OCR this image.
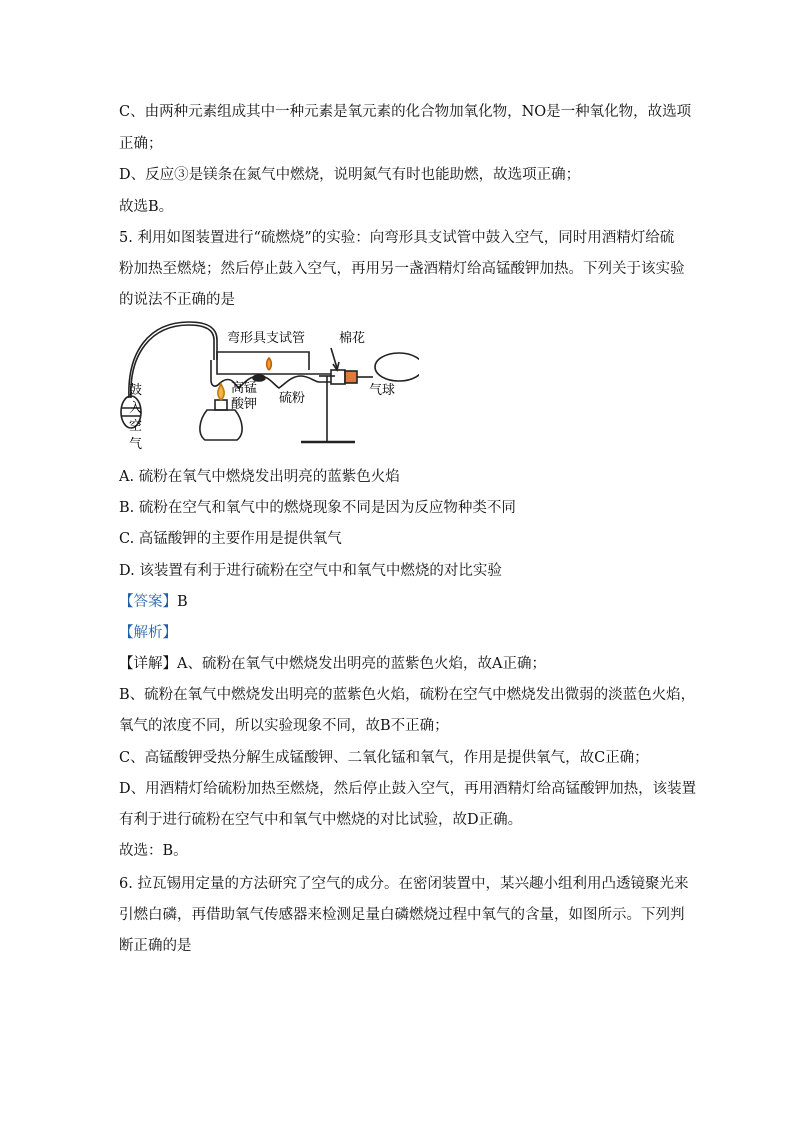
C、由两种元素组成其中一种元素是氧元素的化合物加氧化物，NO是一种氧化物，故选项
正确；
D、反应③是镁条在氮气中燃烧，说明氮气有时也能助燃，故选项正确；
故选B。
5. 利用如图装置进行“硫燃烧”的实验：向弯形具支试管中鼓入空气，同时用酒精灯给硫
粉加热至燃烧；然后停止鼓入空气，再用另一盏酒精灯给高锰酸钾加热。下列关于该实验
的说法不正确的是
弯形具支试管	棉花
气球
高锰
酸钾 硫粉
鼓
入
空
气
A. 硫粉在氧气中燃烧发出明亮的蓝紫色火焰
B. 硫粉在空气和氧气中的燃烧现象不同是因为反应物种类不同
C. 高锰酸钾的主要作用是提供氧气
D. 该装置有利于进行硫粉在空气中和氧气中燃烧的对比实验
【答案】B
【解析】
【详解】A、硫粉在氧气中燃烧发出明亮的蓝紫色火焰，故A正确；
B、硫粉在氧气中燃烧发出明亮的蓝紫色火焰，硫粉在空气中燃烧发出微弱的淡蓝色火焰，
氧气的浓度不同，所以实验现象不同，故B不正确；
C、高锰酸钾受热分解生成锰酸钾、二氧化锰和氧气，作用是提供氧气，故C正确；
D、用酒精灯给硫粉加热至燃烧，然后停止鼓入空气，再用酒精灯给高锰酸钾加热，该装置
有利于进行硫粉在空气中和氧气中燃烧的对比试验，故D正确。
故选：B。
6. 拉瓦锡用定量的方法研究了空气的成分。在密闭装置中，某兴趣小组利用凸透镜聚光来
引燃白磷，再借助氧气传感器来检测足量白磷燃烧过程中氧气的含量，如图所示。下列判
断正确的是
